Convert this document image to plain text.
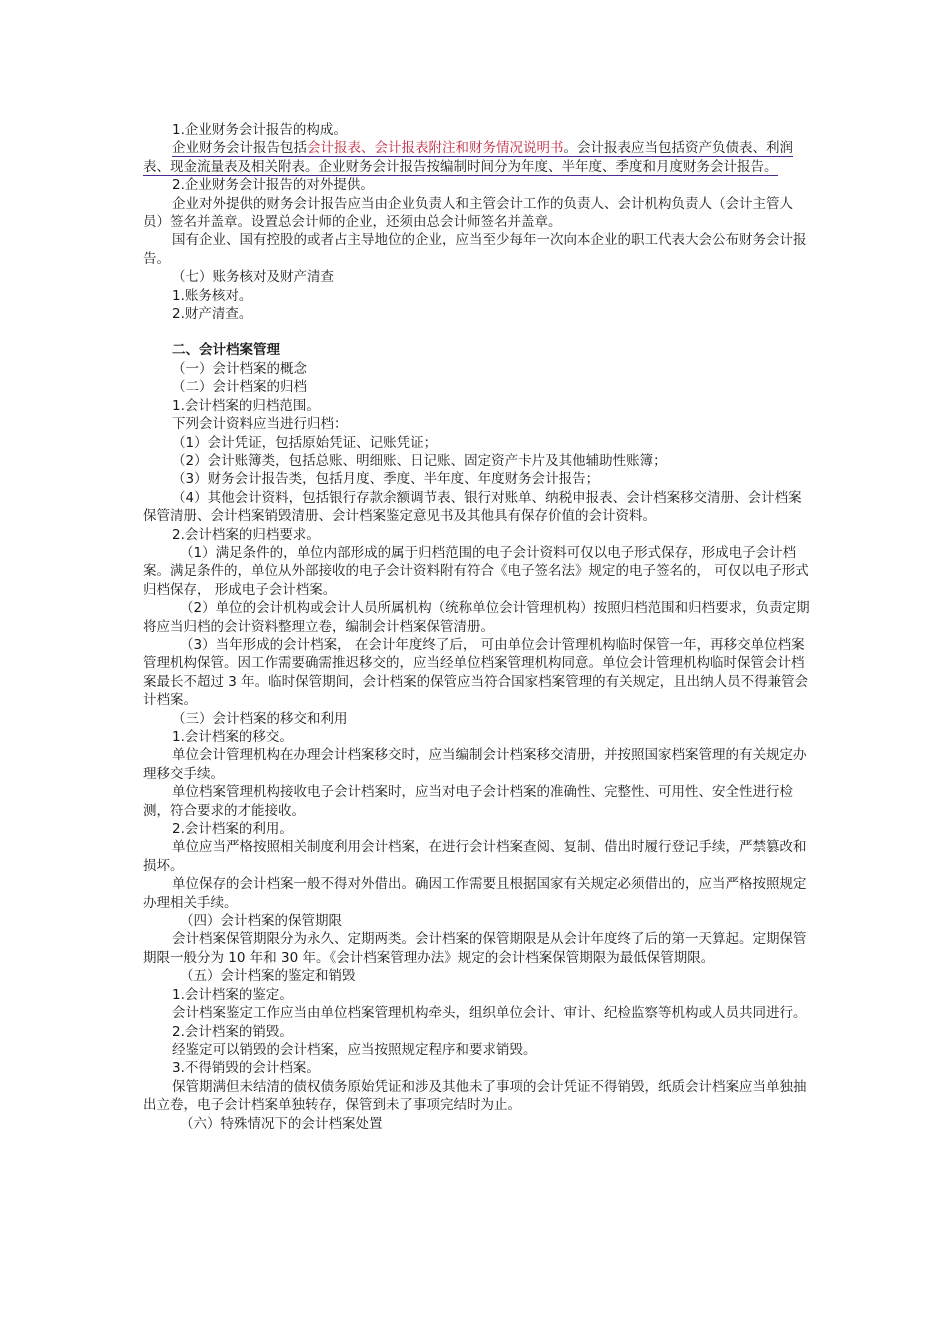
1.企业财务会计报告的构成。

企业财务会计报告包括会计报表、会计报表附注和财务情况说明书。会计报表应当包括资产负债表、利润表、现金流量表及相关附表。企业财务会计报告按编制时间分为年度、半年度、季度和月度财务会计报告。

2.企业财务会计报告的对外提供。

企业对外提供的财务会计报告应当由企业负责人和主管会计工作的负责人、会计机构负责人（会计主管人员）签名并盖章。设置总会计师的企业，还须由总会计师签名并盖章。

国有企业、国有控股的或者占主导地位的企业，应当至少每年一次向本企业的职工代表大会公布财务会计报告。

（七）账务核对及财产清查

1.账务核对。

2.财产清查。

二、会计档案管理

（一）会计档案的概念

（二）会计档案的归档

1.会计档案的归档范围。

下列会计资料应当进行归档：

（1）会计凭证，包括原始凭证、记账凭证；

（2）会计账簿类，包括总账、明细账、日记账、固定资产卡片及其他辅助性账簿；

（3）财务会计报告类，包括月度、季度、半年度、年度财务会计报告；

（4）其他会计资料，包括银行存款余额调节表、银行对账单、纳税申报表、会计档案移交清册、会计档案保管清册、会计档案销毁清册、会计档案鉴定意见书及其他具有保存价值的会计资料。

2.会计档案的归档要求。

（1）满足条件的，单位内部形成的属于归档范围的电子会计资料可仅以电子形式保存，形成电子会计档案。满足条件的，单位从外部接收的电子会计资料附有符合《电子签名法》规定的电子签名的， 可仅以电子形式归档保存， 形成电子会计档案。

（2）单位的会计机构或会计人员所属机构（统称单位会计管理机构）按照归档范围和归档要求，负责定期将应当归档的会计资料整理立卷，编制会计档案保管清册。

（3）当年形成的会计档案， 在会计年度终了后， 可由单位会计管理机构临时保管一年，再移交单位档案管理机构保管。因工作需要确需推迟移交的，应当经单位档案管理机构同意。单位会计管理机构临时保管会计档案最长不超过 3 年。临时保管期间，会计档案的保管应当符合国家档案管理的有关规定，且出纳人员不得兼管会计档案。

（三）会计档案的移交和利用

1.会计档案的移交。

单位会计管理机构在办理会计档案移交时，应当编制会计档案移交清册，并按照国家档案管理的有关规定办理移交手续。

单位档案管理机构接收电子会计档案时，应当对电子会计档案的准确性、完整性、可用性、安全性进行检测，符合要求的才能接收。

2.会计档案的利用。

单位应当严格按照相关制度利用会计档案，在进行会计档案查阅、复制、借出时履行登记手续，严禁篡改和损坏。

单位保存的会计档案一般不得对外借出。确因工作需要且根据国家有关规定必须借出的，应当严格按照规定办理相关手续。

（四）会计档案的保管期限

会计档案保管期限分为永久、定期两类。会计档案的保管期限是从会计年度终了后的第一天算起。定期保管期限一般分为 10 年和 30 年。《会计档案管理办法》规定的会计档案保管期限为最低保管期限。

（五）会计档案的鉴定和销毁

1.会计档案的鉴定。

会计档案鉴定工作应当由单位档案管理机构牵头，组织单位会计、审计、纪检监察等机构或人员共同进行。

2.会计档案的销毁。

经鉴定可以销毁的会计档案，应当按照规定程序和要求销毁。

3.不得销毁的会计档案。

保管期满但未结清的债权债务原始凭证和涉及其他未了事项的会计凭证不得销毁，纸质会计档案应当单独抽出立卷，电子会计档案单独转存，保管到未了事项完结时为止。

（六）特殊情况下的会计档案处置
